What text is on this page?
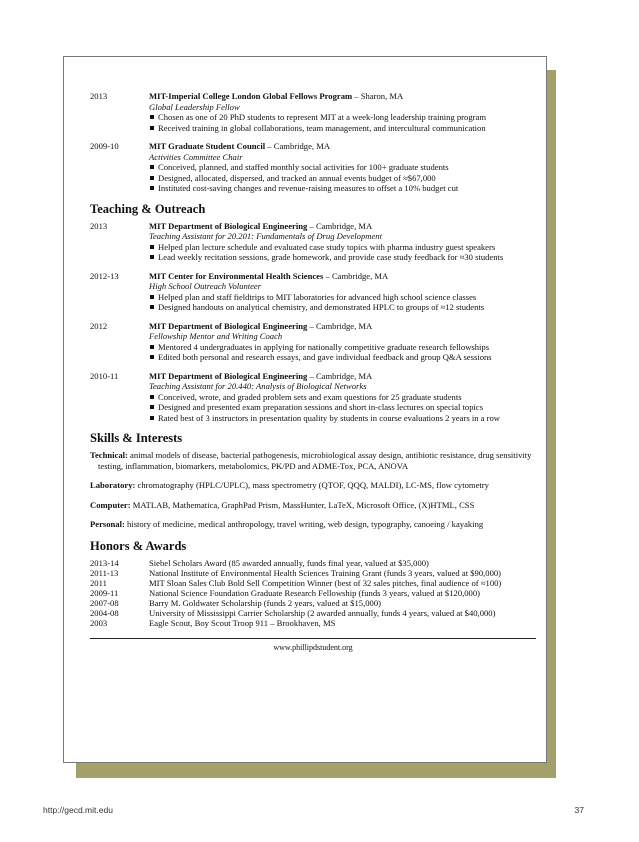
2013	MIT-Imperial College London Global Fellows Program – Sharon, MA
Global Leadership Fellow
Chosen as one of 20 PhD students to represent MIT at a week-long leadership training program
Received training in global collaborations, team management, and intercultural communication
2009-10	MIT Graduate Student Council – Cambridge, MA
Activities Committee Chair
Conceived, planned, and staffed monthly social activities for 100+ graduate students
Designed, allocated, dispersed, and tracked an annual events budget of ≈$67,000
Instituted cost-saving changes and revenue-raising measures to offset a 10% budget cut
Teaching & Outreach
2013	MIT Department of Biological Engineering – Cambridge, MA
Teaching Assistant for 20.201: Fundamentals of Drug Development
Helped plan lecture schedule and evaluated case study topics with pharma industry guest speakers
Lead weekly recitation sessions, grade homework, and provide case study feedback for ≈30 students
2012-13	MIT Center for Environmental Health Sciences – Cambridge, MA
High School Outreach Volunteer
Helped plan and staff fieldtrips to MIT laboratories for advanced high school science classes
Designed handouts on analytical chemistry, and demonstrated HPLC to groups of ≈12 students
2012	MIT Department of Biological Engineering – Cambridge, MA
Fellowship Mentor and Writing Coach
Mentored 4 undergraduates in applying for nationally competitive graduate research fellowships
Edited both personal and research essays, and gave individual feedback and group Q&A sessions
2010-11	MIT Department of Biological Engineering – Cambridge, MA
Teaching Assistant for 20.440: Analysis of Biological Networks
Conceived, wrote, and graded problem sets and exam questions for 25 graduate students
Designed and presented exam preparation sessions and short in-class lectures on special topics
Rated best of 3 instructors in presentation quality by students in course evaluations 2 years in a row
Skills & Interests
Technical: animal models of disease, bacterial pathogenesis, microbiological assay design, antibiotic resistance, drug sensitivity testing, inflammation, biomarkers, metabolomics, PK/PD and ADME-Tox, PCA, ANOVA
Laboratory: chromatography (HPLC/UPLC), mass spectrometry (QTOF, QQQ, MALDI), LC-MS, flow cytometry
Computer: MATLAB, Mathematica, GraphPad Prism, MassHunter, LaTeX, Microsoft Office, (X)HTML, CSS
Personal: history of medicine, medical anthropology, travel writing, web design, typography, canoeing / kayaking
Honors & Awards
2013-14	Siebel Scholars Award (85 awarded annually, funds final year, valued at $35,000)
2011-13	National Institute of Environmental Health Sciences Training Grant (funds 3 years, valued at $90,000)
2011	MIT Sloan Sales Club Bold Sell Competition Winner (best of 32 sales pitches, final audience of ≈100)
2009-11	National Science Foundation Graduate Research Fellowship (funds 3 years, valued at $120,000)
2007-08	Barry M. Goldwater Scholarship (funds 2 years, valued at $15,000)
2004-08	University of Mississippi Carrier Scholarship (2 awarded annually, funds 4 years, valued at $40,000)
2003	Eagle Scout, Boy Scout Troop 911 – Brookhaven, MS
www.phillipdstudent.org
http://gecd.mit.edu	37
